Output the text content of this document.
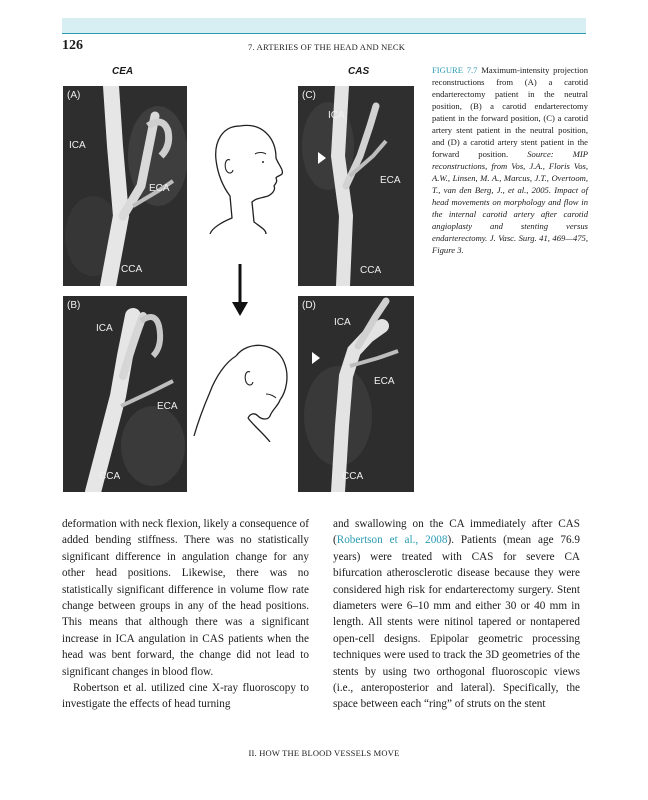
126	7. ARTERIES OF THE HEAD AND NECK
CEA	CAS
(A)
ICA
ECA
CCA
(B)
ICA
ECA
CCA
(C)
ICA
ECA
CCA
(D)
ICA
ECA
CCA
FIGURE 7.7 Maximum-intensity projection reconstructions from (A) a carotid endarterectomy patient in the neutral position, (B) a carotid endarterectomy patient in the forward position, (C) a carotid artery stent patient in the neutral position, and (D) a carotid artery stent patient in the forward position. Source: MIP reconstructions, from Vos, J.A., Floris Vos, A.W., Linsen, M. A., Marcus, J.T., Overtoom, T., van den Berg, J., et al., 2005. Impact of head movements on morphology and flow in the internal carotid artery after carotid angioplasty and stenting versus endarterectomy. J. Vasc. Surg. 41, 469—475, Figure 3.

deformation with neck flexion, likely a consequence of added bending stiffness. There was no statistically significant difference in angulation change for any other head positions. Likewise, there was no statistically significant difference in volume flow rate change between groups in any of the head positions. This means that although there was a significant increase in ICA angulation in CAS patients when the head was bent forward, the change did not lead to significant changes in blood flow.

Robertson et al. utilized cine X-ray fluoroscopy to investigate the effects of head turning

and swallowing on the CA immediately after CAS (Robertson et al., 2008). Patients (mean age 76.9 years) were treated with CAS for severe CA bifurcation atherosclerotic disease because they were considered high risk for endarterectomy surgery. Stent diameters were 6–10 mm and either 30 or 40 mm in length. All stents were nitinol tapered or nontapered open-cell designs. Epipolar geometric processing techniques were used to track the 3D geometries of the stents by using two orthogonal fluoroscopic views (i.e., anteroposterior and lateral). Specifically, the space between each “ring” of struts on the stent

II. HOW THE BLOOD VESSELS MOVE
